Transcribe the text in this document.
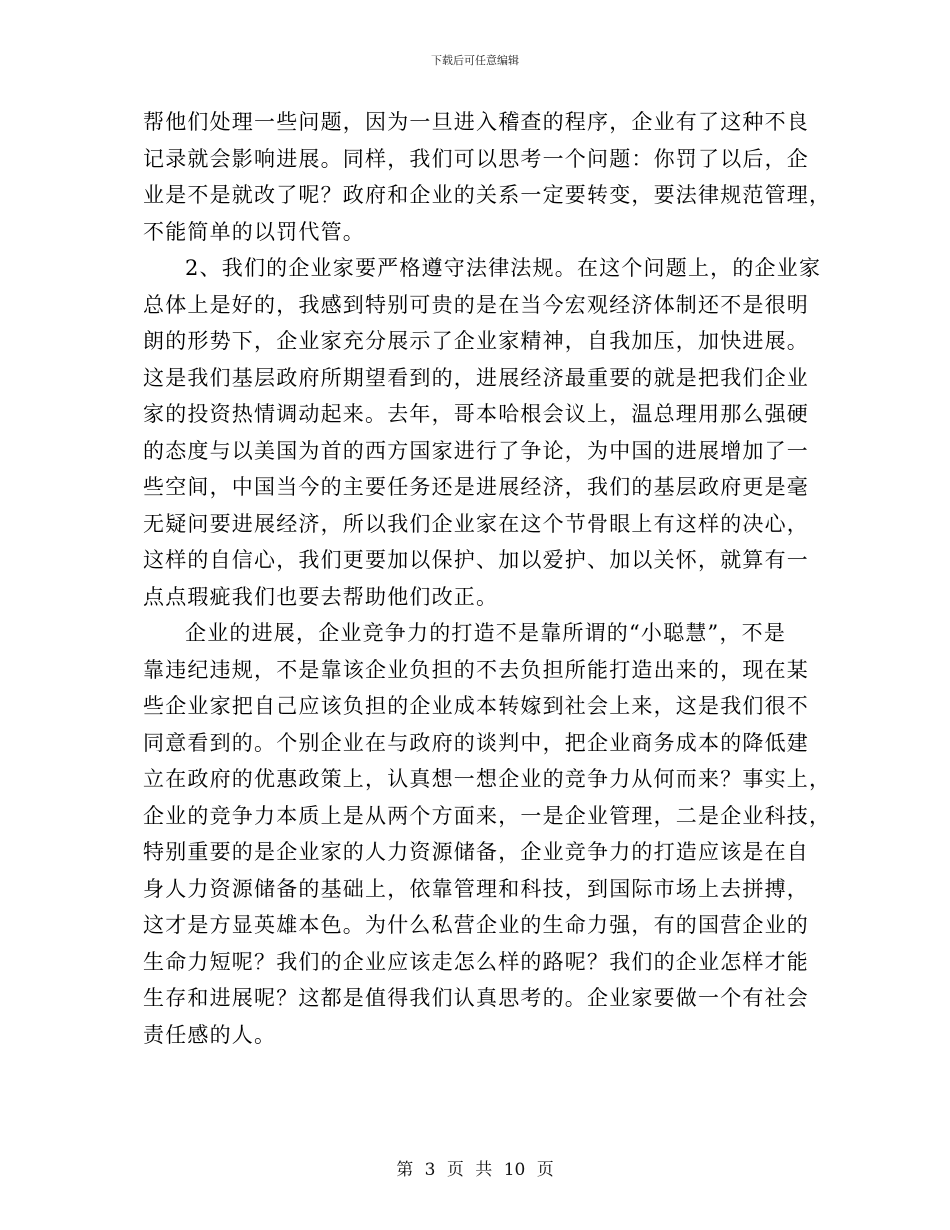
下载后可任意编辑
帮他们处理一些问题，因为一旦进入稽查的程序，企业有了这种不良
记录就会影响进展。同样，我们可以思考一个问题：你罚了以后，企
业是不是就改了呢？政府和企业的关系一定要转变，要法律规范管理，
不能简单的以罚代管。
2、我们的企业家要严格遵守法律法规。在这个问题上，的企业家
总体上是好的，我感到特别可贵的是在当今宏观经济体制还不是很明
朗的形势下，企业家充分展示了企业家精神，自我加压，加快进展。
这是我们基层政府所期望看到的，进展经济最重要的就是把我们企业
家的投资热情调动起来。去年，哥本哈根会议上，温总理用那么强硬
的态度与以美国为首的西方国家进行了争论，为中国的进展增加了一
些空间，中国当今的主要任务还是进展经济，我们的基层政府更是毫
无疑问要进展经济，所以我们企业家在这个节骨眼上有这样的决心，
这样的自信心，我们更要加以保护、加以爱护、加以关怀，就算有一
点点瑕疵我们也要去帮助他们改正。
企业的进展，企业竞争力的打造不是靠所谓的“小聪慧”，不是
靠违纪违规，不是靠该企业负担的不去负担所能打造出来的，现在某
些企业家把自己应该负担的企业成本转嫁到社会上来，这是我们很不
同意看到的。个别企业在与政府的谈判中，把企业商务成本的降低建
立在政府的优惠政策上，认真想一想企业的竞争力从何而来？事实上，
企业的竞争力本质上是从两个方面来，一是企业管理，二是企业科技，
特别重要的是企业家的人力资源储备，企业竞争力的打造应该是在自
身人力资源储备的基础上，依靠管理和科技，到国际市场上去拼搏，
这才是方显英雄本色。为什么私营企业的生命力强，有的国营企业的
生命力短呢？我们的企业应该走怎么样的路呢？我们的企业怎样才能
生存和进展呢？这都是值得我们认真思考的。企业家要做一个有社会
责任感的人。
第 3 页 共 10 页
